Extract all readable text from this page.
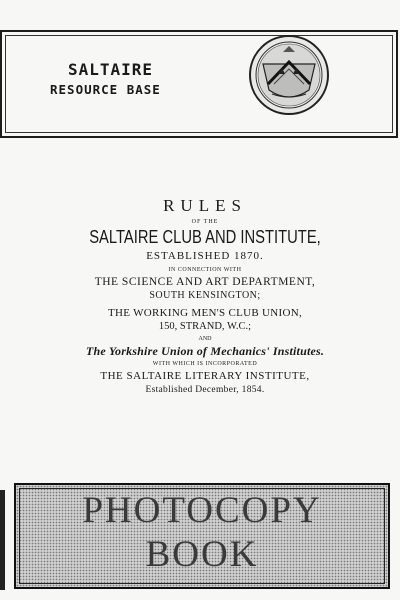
SALTAIRE
RESOURCE BASE
RULES
OF THE
SALTAIRE CLUB AND INSTITUTE,
ESTABLISHED 1870.
IN CONNECTION WITH
THE SCIENCE AND ART DEPARTMENT,
SOUTH KENSINGTON;
THE WORKING MEN'S CLUB UNION,
150, STRAND, W.C.;
AND
The Yorkshire Union of Mechanics' Institutes.
WITH WHICH IS INCORPORATED
THE SALTAIRE LITERARY INSTITUTE,
Established December, 1854.
PHOTOCOPY
BOOK
